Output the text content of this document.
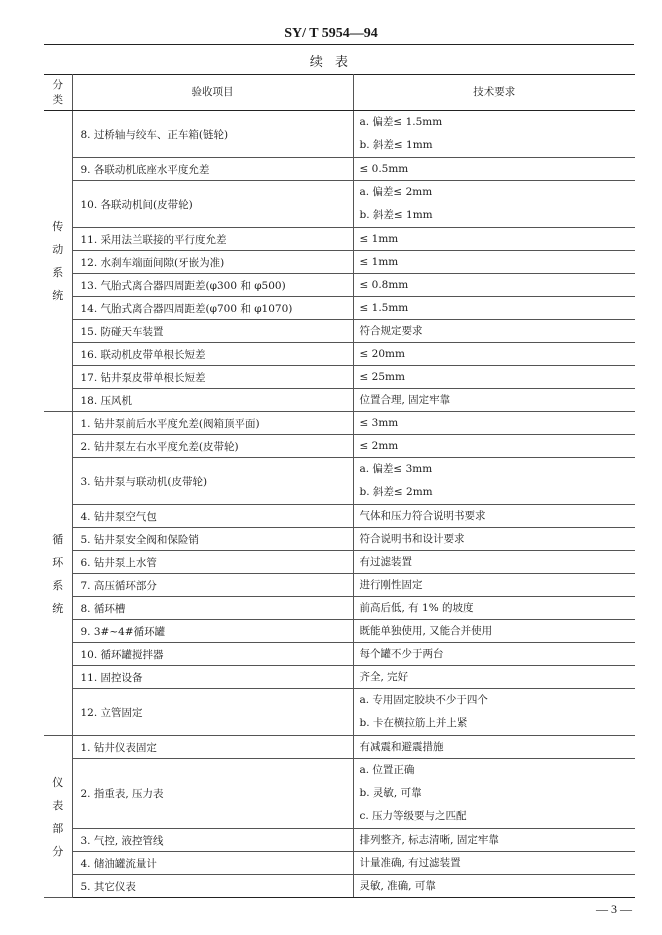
SY/ T 5954—94
续 表
分
类	验收项目	技术要求

传
动
系
统	8. 过桥轴与绞车、正车箱(链轮)	a. 偏差≤ 1.5mm
b. 斜差≤ 1mm

	9. 各联动机底座水平度允差	≤ 0.5mm

	10. 各联动机间(皮带轮)	a. 偏差≤ 2mm
b. 斜差≤ 1mm

	11. 采用法兰联接的平行度允差	≤ 1mm

	12. 水刹车端面间隙(牙嵌为准)	≤ 1mm

	13. 气胎式离合器四周距差(φ300 和 φ500)	≤ 0.8mm

	14. 气胎式离合器四周距差(φ700 和 φ1070)	≤ 1.5mm

	15. 防碰天车装置	符合规定要求

	16. 联动机皮带单根长短差	≤ 20mm

	17. 钻井泵皮带单根长短差	≤ 25mm

	18. 压风机	位置合理, 固定牢靠

循
环
系
统	1. 钻井泵前后水平度允差(阀箱顶平面)	≤ 3mm

	2. 钻井泵左右水平度允差(皮带轮)	≤ 2mm

	3. 钻井泵与联动机(皮带轮)	a. 偏差≤ 3mm
b. 斜差≤ 2mm

	4. 钻井泵空气包	气体和压力符合说明书要求

	5. 钻井泵安全阀和保险销	符合说明书和设计要求

	6. 钻井泵上水管	有过滤装置

	7. 高压循环部分	进行刚性固定

	8. 循环槽	前高后低, 有 1% 的坡度

	9. 3#~4#循环罐	既能单独使用, 又能合并使用

	10. 循环罐搅拌器	每个罐不少于两台

	11. 固控设备	齐全, 完好

	12. 立管固定	a. 专用固定胶块不少于四个
b. 卡在横拉筋上并上紧

仪
表
部
分	1. 钻井仪表固定	有减震和避震措施

	2. 指重表, 压力表	a. 位置正确
b. 灵敏, 可靠
c. 压力等级要与之匹配

	3. 气控, 液控管线	排列整齐, 标志清晰, 固定牢靠

	4. 储油罐流量计	计量准确, 有过滤装置

	5. 其它仪表	灵敏, 准确, 可靠
— 3 —
